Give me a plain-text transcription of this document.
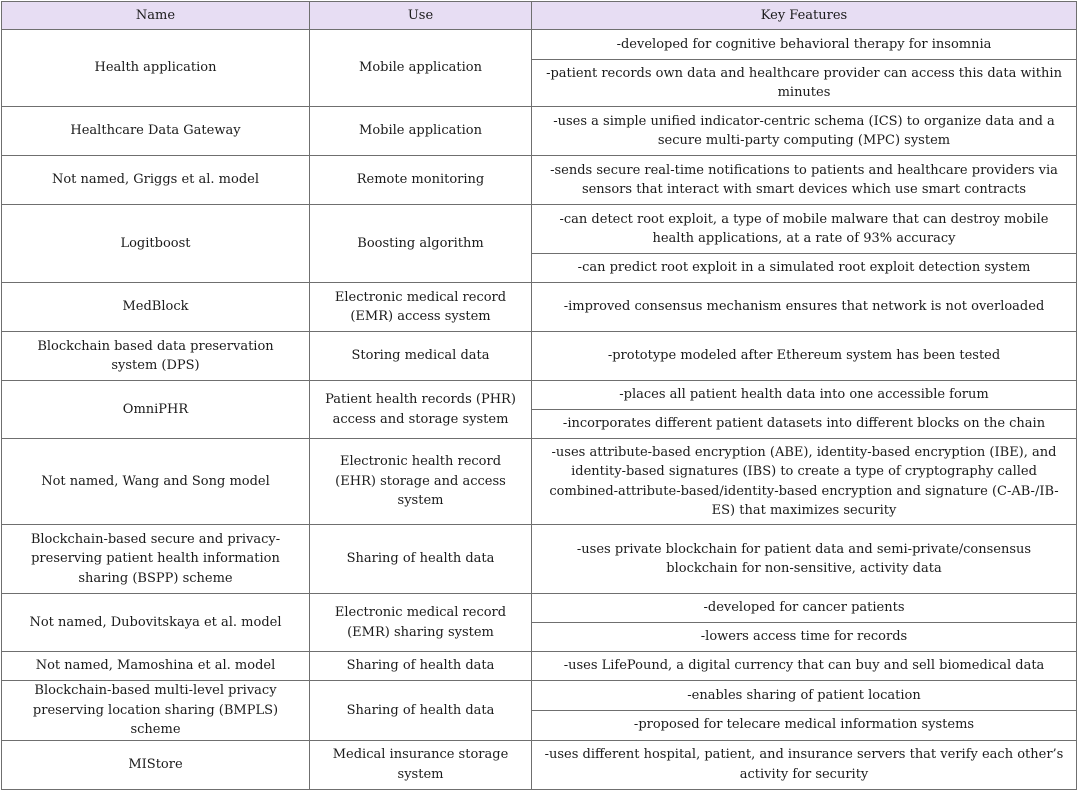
Name	Use	Key Features
Health application	Mobile application	-developed for cognitive behavioral therapy for insomnia
		-patient records own data and healthcare provider can access this data within minutes
Healthcare Data Gateway	Mobile application	-uses a simple unified indicator-centric schema (ICS) to organize data and a secure multi-party computing (MPC) system
Not named, Griggs et al. model	Remote monitoring	-sends secure real-time notifications to patients and healthcare providers via sensors that interact with smart devices which use smart contracts
Logitboost	Boosting algorithm	-can detect root exploit, a type of mobile malware that can destroy mobile health applications, at a rate of 93% accuracy
		-can predict root exploit in a simulated root exploit detection system
MedBlock	Electronic medical record (EMR) access system	-improved consensus mechanism ensures that network is not overloaded
Blockchain based data preservation system (DPS)	Storing medical data	-prototype modeled after Ethereum system has been tested
OmniPHR	Patient health records (PHR) access and storage system	-places all patient health data into one accessible forum
		-incorporates different patient datasets into different blocks on the chain
Not named, Wang and Song model	Electronic health record (EHR) storage and access system	-uses attribute-based encryption (ABE), identity-based encryption (IBE), and identity-based signatures (IBS) to create a type of cryptography called combined-attribute-based/identity-based encryption and signature (C-AB-/IB-ES) that maximizes security
Blockchain-based secure and privacy-preserving patient health information sharing (BSPP) scheme	Sharing of health data	-uses private blockchain for patient data and semi-private/consensus blockchain for non-sensitive, activity data
Not named, Dubovitskaya et al. model	Electronic medical record (EMR) sharing system	-developed for cancer patients
		-lowers access time for records
Not named, Mamoshina et al. model	Sharing of health data	-uses LifePound, a digital currency that can buy and sell biomedical data
Blockchain-based multi-level privacy preserving location sharing (BMPLS) scheme	Sharing of health data	-enables sharing of patient location
		-proposed for telecare medical information systems
MIStore	Medical insurance storage system	-uses different hospital, patient, and insurance servers that verify each other’s activity for security
